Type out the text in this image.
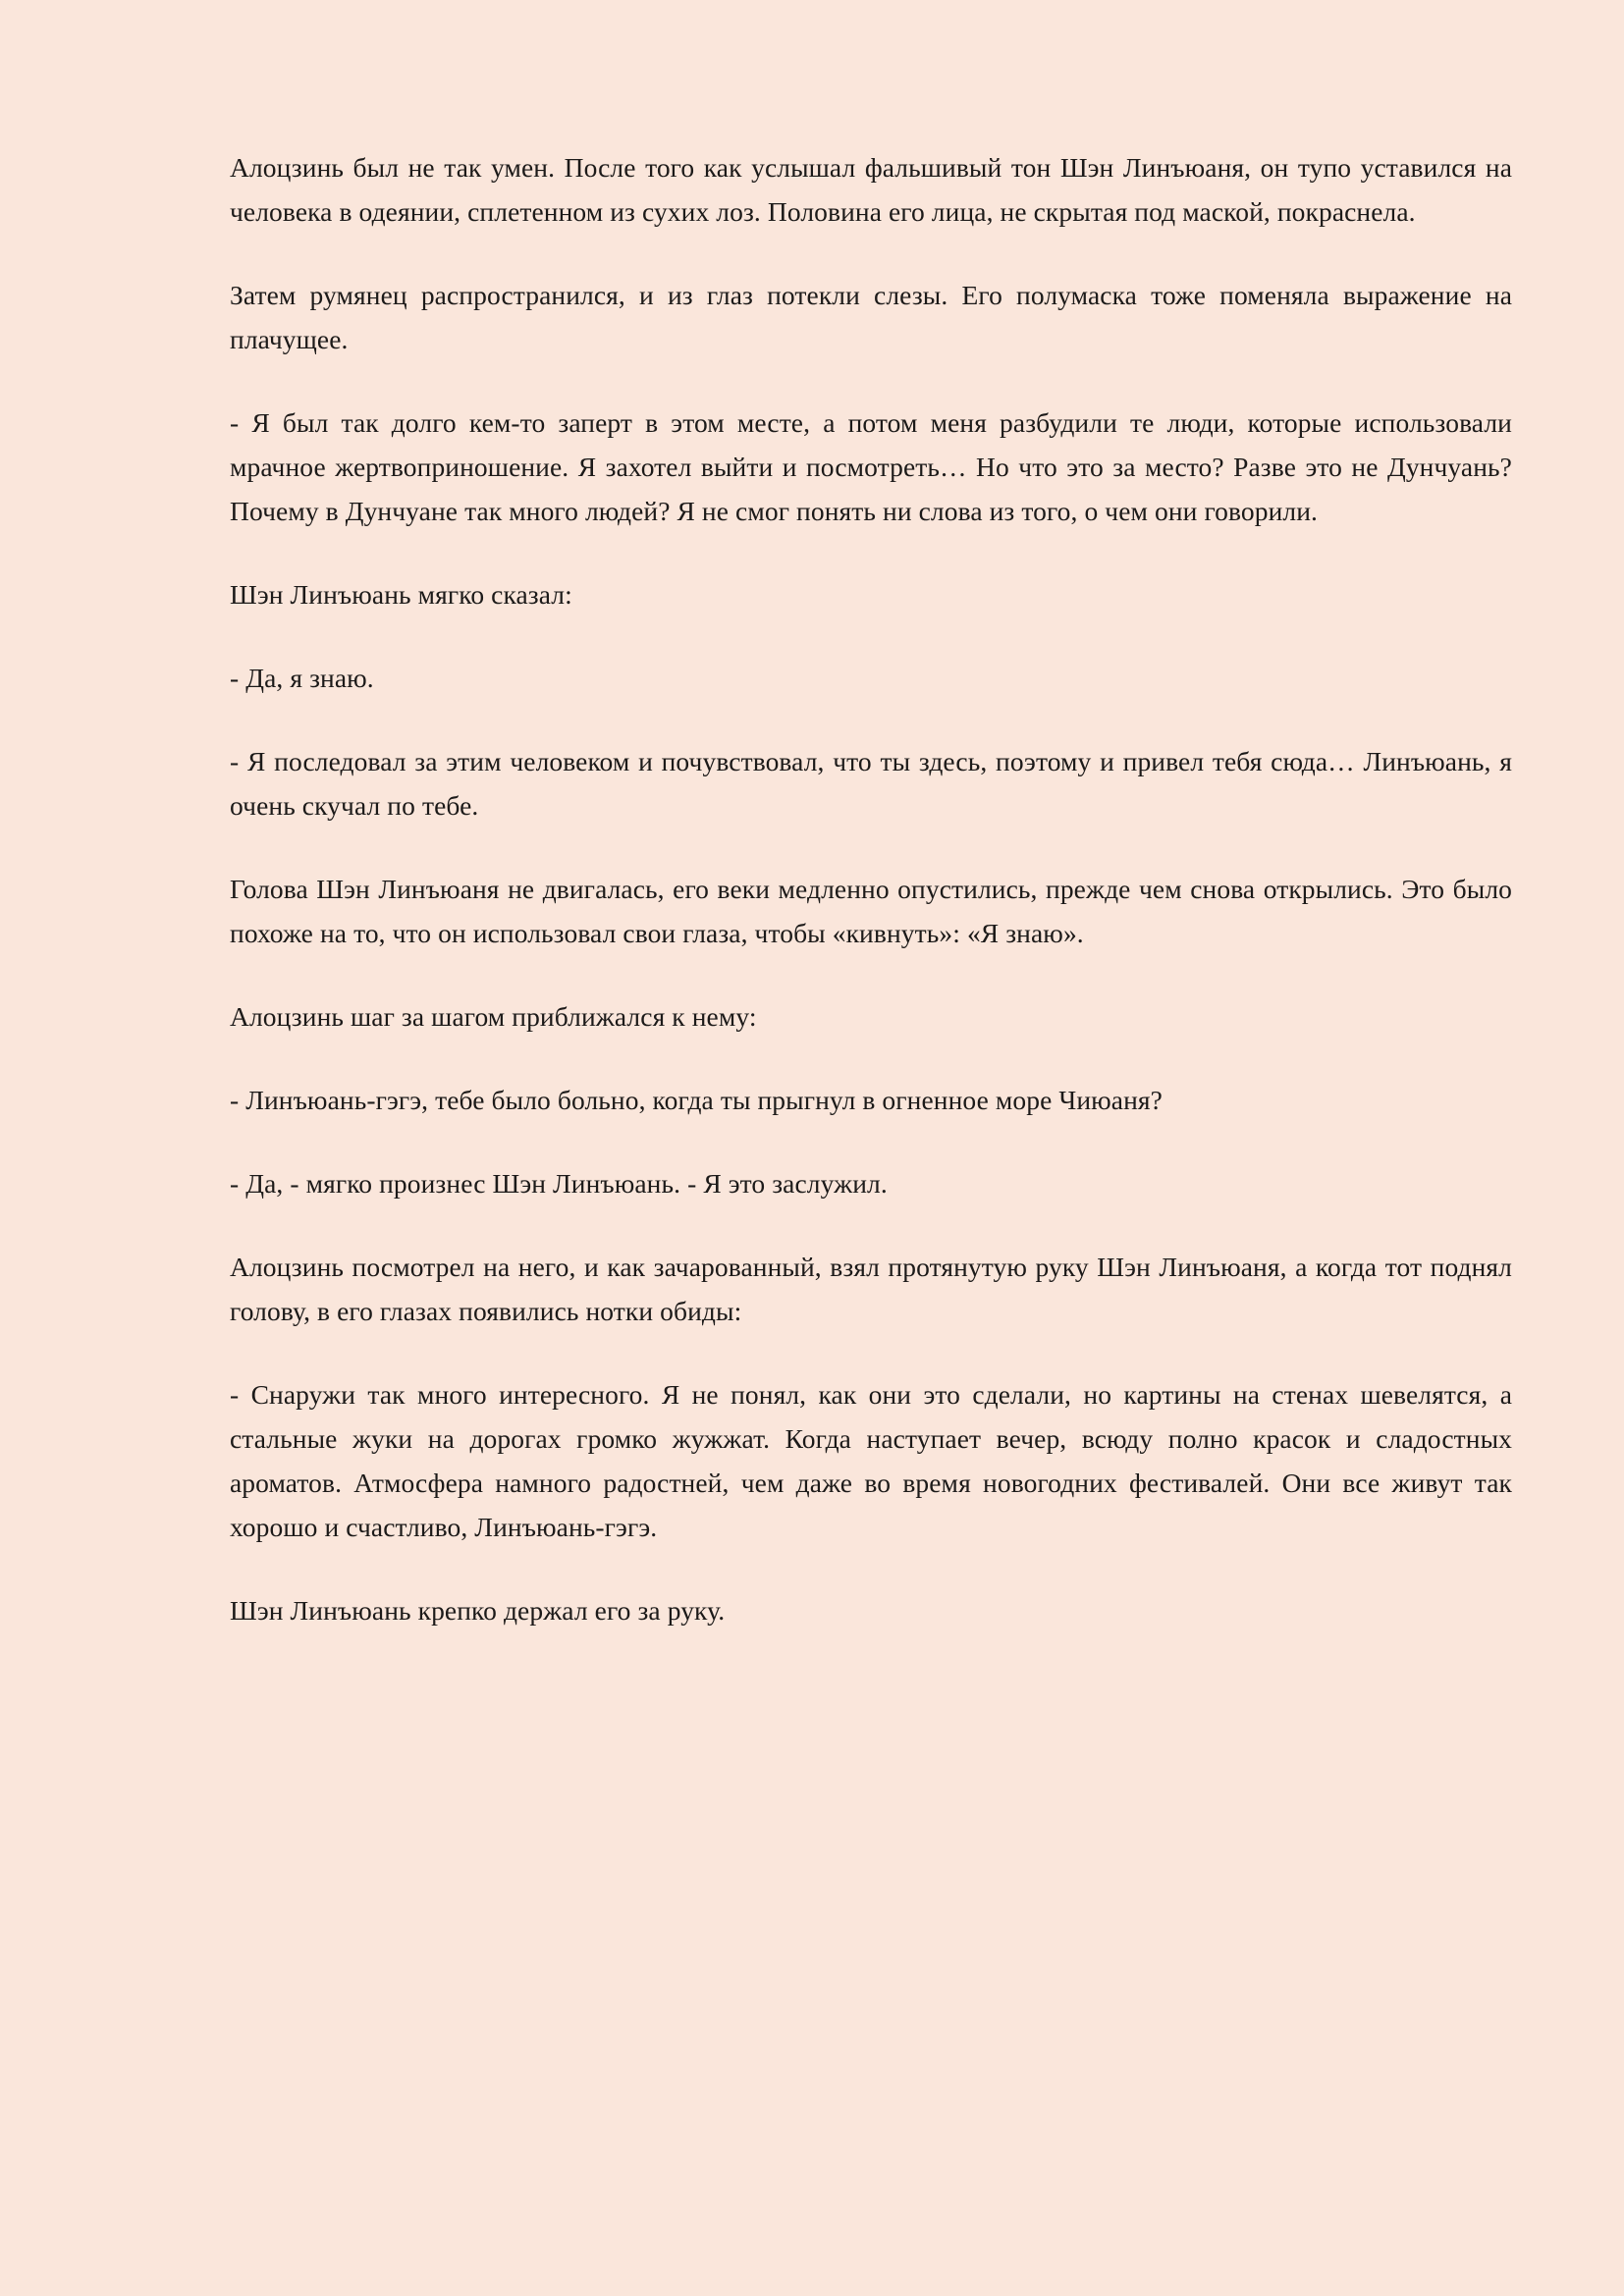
Алоцзинь был не так умен. После того как услышал фальшивый тон Шэн Линъюаня, он тупо уставился на человека в одеянии, сплетенном из сухих лоз. Половина его лица, не скрытая под маской, покраснела.

Затем румянец распространился, и из глаз потекли слезы. Его полумаска тоже поменяла выражение на плачущее.

- Я был так долго кем-то заперт в этом месте, а потом меня разбудили те люди, которые использовали мрачное жертвоприношение. Я захотел выйти и посмотреть… Но что это за место? Разве это не Дунчуань? Почему в Дунчуане так много людей? Я не смог понять ни слова из того, о чем они говорили.

Шэн Линъюань мягко сказал:

- Да, я знаю.

- Я последовал за этим человеком и почувствовал, что ты здесь, поэтому и привел тебя сюда… Линъюань, я очень скучал по тебе.

Голова Шэн Линъюаня не двигалась, его веки медленно опустились, прежде чем снова открылись. Это было похоже на то, что он использовал свои глаза, чтобы «кивнуть»: «Я знаю».

Алоцзинь шаг за шагом приближался к нему:

- Линъюань-гэгэ, тебе было больно, когда ты прыгнул в огненное море Чиюаня?

- Да, - мягко произнес Шэн Линъюань. - Я это заслужил.

Алоцзинь посмотрел на него, и как зачарованный, взял протянутую руку Шэн Линъюаня, а когда тот поднял голову, в его глазах появились нотки обиды:

- Снаружи так много интересного. Я не понял, как они это сделали, но картины на стенах шевелятся, а стальные жуки на дорогах громко жужжат. Когда наступает вечер, всюду полно красок и сладостных ароматов. Атмосфера намного радостней, чем даже во время новогодних фестивалей. Они все живут так хорошо и счастливо, Линъюань-гэгэ.

Шэн Линъюань крепко держал его за руку.
